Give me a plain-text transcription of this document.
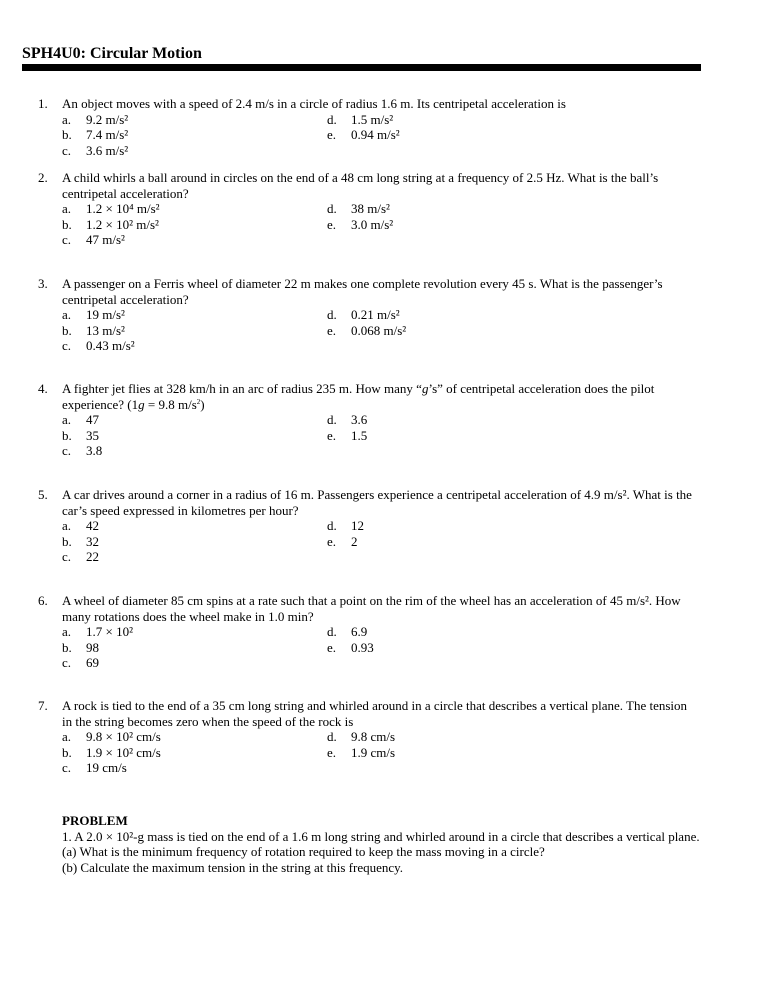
SPH4U0: Circular Motion
1. An object moves with a speed of 2.4 m/s in a circle of radius 1.6 m. Its centripetal acceleration is
a. 9.2 m/s²
b. 7.4 m/s²
c. 3.6 m/s²
d. 1.5 m/s²
e. 0.94 m/s²
2. A child whirls a ball around in circles on the end of a 48 cm long string at a frequency of 2.5 Hz. What is the ball’s centripetal acceleration?
a. 1.2 × 10⁴ m/s²
b. 1.2 × 10² m/s²
c. 47 m/s²
d. 38 m/s²
e. 3.0 m/s²
3. A passenger on a Ferris wheel of diameter 22 m makes one complete revolution every 45 s. What is the passenger’s centripetal acceleration?
a. 19 m/s²
b. 13 m/s²
c. 0.43 m/s²
d. 0.21 m/s²
e. 0.068 m/s²
4. A fighter jet flies at 328 km/h in an arc of radius 235 m. How many “g’s” of centripetal acceleration does the pilot experience? (1g = 9.8 $m/s^2$)
a. 47
b. 35
c. 3.8
d. 3.6
e. 1.5
5. A car drives around a corner in a radius of 16 m. Passengers experience a centripetal acceleration of 4.9 m/s². What is the car’s speed expressed in kilometres per hour?
a. 42
b. 32
c. 22
d. 12
e. 2
6. A wheel of diameter 85 cm spins at a rate such that a point on the rim of the wheel has an acceleration of 45 m/s². How many rotations does the wheel make in 1.0 min?
a. 1.7 × 10²
b. 98
c. 69
d. 6.9
e. 0.93
7. A rock is tied to the end of a 35 cm long string and whirled around in a circle that describes a vertical plane. The tension in the string becomes zero when the speed of the rock is
a. 9.8 × 10² cm/s
b. 1.9 × 10² cm/s
c. 19 cm/s
d. 9.8 cm/s
e. 1.9 cm/s
PROBLEM
1. A 2.0 × 10²-g mass is tied on the end of a 1.6 m long string and whirled around in a circle that describes a vertical plane.
(a) What is the minimum frequency of rotation required to keep the mass moving in a circle?
(b) Calculate the maximum tension in the string at this frequency.
